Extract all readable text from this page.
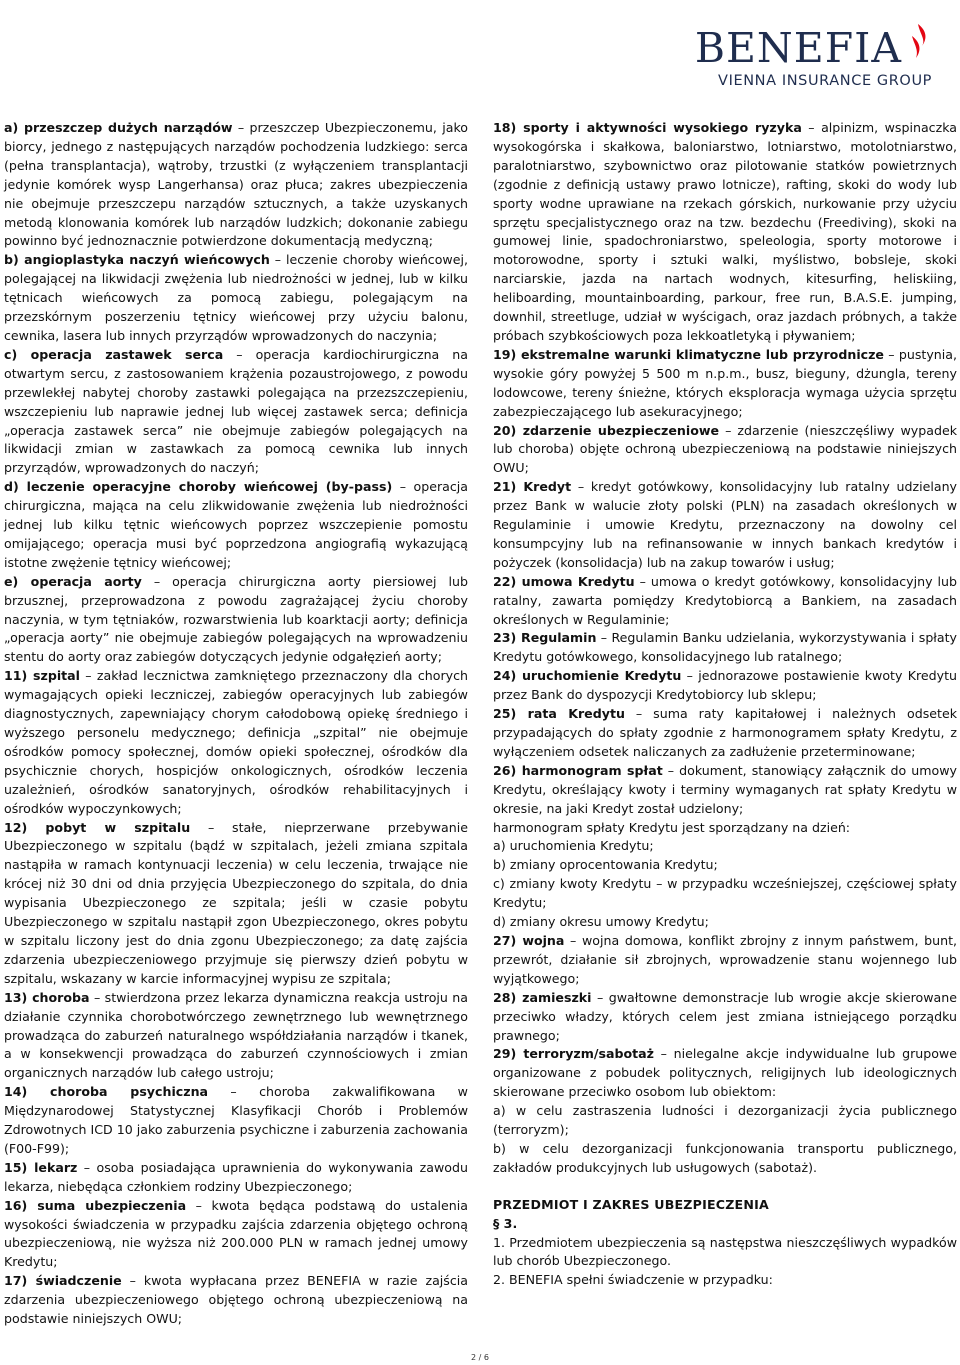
BENEFIA
VIENNA INSURANCE GROUP

a) przeszczep dużych narządów – przeszczep Ubezpieczonemu, jako biorcy, jednego z następujących narządów pochodzenia ludzkiego: serca (pełna transplantacja), wątroby, trzustki (z wyłączeniem transplantacji jedynie komórek wysp Langerhansa) oraz płuca; zakres ubezpieczenia nie obejmuje przeszczepu narządów sztucznych, a także uzyskanych metodą klonowania komórek lub narządów ludzkich; dokonanie zabiegu powinno być jednoznacznie potwierdzone dokumentacją medyczną;

b) angioplastyka naczyń wieńcowych – leczenie choroby wieńcowej, polegającej na likwidacji zwężenia lub niedrożności w jednej, lub w kilku tętnicach wieńcowych za pomocą zabiegu, polegającym na przezskórnym poszerzeniu tętnicy wieńcowej przy użyciu balonu, cewnika, lasera lub innych przyrządów wprowadzonych do naczynia;

c) operacja zastawek serca – operacja kardiochirurgiczna na otwartym sercu, z zastosowaniem krążenia pozaustrojowego, z powodu przewlekłej nabytej choroby zastawki polegająca na przezszczepieniu, wszczepieniu lub naprawie jednej lub więcej zastawek serca; definicja „operacja zastawek serca” nie obejmuje zabiegów polegających na likwidacji zmian w zastawkach za pomocą cewnika lub innych przyrządów, wprowadzonych do naczyń;

d) leczenie operacyjne choroby wieńcowej (by-pass) – operacja chirurgiczna, mająca na celu zlikwidowanie zwężenia lub niedrożności jednej lub kilku tętnic wieńcowych poprzez wszczepienie pomostu omijającego; operacja musi być poprzedzona angiografią wykazującą istotne zwężenie tętnicy wieńcowej;

e) operacja aorty – operacja chirurgiczna aorty piersiowej lub brzusznej, przeprowadzona z powodu zagrażającej życiu choroby naczynia, w tym tętniaków, rozwarstwienia lub koarktacji aorty; definicja „operacja aorty” nie obejmuje zabiegów polegających na wprowadzeniu stentu do aorty oraz zabiegów dotyczących jedynie odgałęzień aorty;

11) szpital – zakład lecznictwa zamkniętego przeznaczony dla chorych wymagających opieki leczniczej, zabiegów operacyjnych lub zabiegów diagnostycznych, zapewniający chorym całodobową opiekę średniego i wyższego personelu medycznego; definicja „szpital” nie obejmuje ośrodków pomocy społecznej, domów opieki społecznej, ośrodków dla psychicznie chorych, hospicjów onkologicznych, ośrodków leczenia uzależnień, ośrodków sanatoryjnych, ośrodków rehabilitacyjnych i ośrodków wypoczynkowych;

12) pobyt w szpitalu – stałe, nieprzerwane przebywanie Ubezpieczonego w szpitalu (bądź w szpitalach, jeżeli zmiana szpitala nastąpiła w ramach kontynuacji leczenia) w celu leczenia, trwające nie krócej niż 30 dni od dnia przyjęcia Ubezpieczonego do szpitala, do dnia wypisania Ubezpieczonego ze szpitala; jeśli w czasie pobytu Ubezpieczonego w szpitalu nastąpił zgon Ubezpieczonego, okres pobytu w szpitalu liczony jest do dnia zgonu Ubezpieczonego; za datę zajścia zdarzenia ubezpieczeniowego przyjmuje się pierwszy dzień pobytu w szpitalu, wskazany w karcie informacyjnej wypisu ze szpitala;

13) choroba – stwierdzona przez lekarza dynamiczna reakcja ustroju na działanie czynnika chorobotwórczego zewnętrznego lub wewnętrznego prowadząca do zaburzeń naturalnego współdziałania narządów i tkanek, a w konsekwencji prowadząca do zaburzeń czynnościowych i zmian organicznych narządów lub całego ustroju;

14) choroba psychiczna – choroba zakwalifikowana w Międzynarodowej Statystycznej Klasyfikacji Chorób i Problemów Zdrowotnych ICD 10 jako zaburzenia psychiczne i zaburzenia zachowania (F00-F99);

15) lekarz – osoba posiadająca uprawnienia do wykonywania zawodu lekarza, niebędąca członkiem rodziny Ubezpieczonego;

16) suma ubezpieczenia – kwota będąca podstawą do ustalenia wysokości świadczenia w przypadku zajścia zdarzenia objętego ochroną ubezpieczeniową, nie wyższa niż 200.000 PLN w ramach jednej umowy Kredytu;

17) świadczenie – kwota wypłacana przez BENEFIA w razie zajścia zdarzenia ubezpieczeniowego objętego ochroną ubezpieczeniową na podstawie niniejszych OWU;

18) sporty i aktywności wysokiego ryzyka – alpinizm, wspinaczka wysokogórska i skałkowa, baloniarstwo, lotniarstwo, motolotniarstwo, paralotniarstwo, szybownictwo oraz pilotowanie statków powietrznych (zgodnie z definicją ustawy prawo lotnicze), rafting, skoki do wody lub sporty wodne uprawiane na rzekach górskich, nurkowanie przy użyciu sprzętu specjalistycznego oraz na tzw. bezdechu (Freediving), skoki na gumowej linie, spadochroniarstwo, speleologia, sporty motorowe i motorowodne, sporty i sztuki walki, myślistwo, bobsleje, skoki narciarskie, jazda na nartach wodnych, kitesurfing, heliskiing, heliboarding, mountainboarding, parkour, free run, B.A.S.E. jumping, downhil, streetluge, udział w wyścigach, oraz jazdach próbnych, a także próbach szybkościowych poza lekkoatletyką i pływaniem;

19) ekstremalne warunki klimatyczne lub przyrodnicze – pustynia, wysokie góry powyżej 5 500 m n.p.m., busz, bieguny, dżungla, tereny lodowcowe, tereny śnieżne, których eksploracja wymaga użycia sprzętu zabezpieczającego lub asekuracyjnego;

20) zdarzenie ubezpieczeniowe – zdarzenie (nieszczęśliwy wypadek lub choroba) objęte ochroną ubezpieczeniową na podstawie niniejszych OWU;

21) Kredyt – kredyt gotówkowy, konsolidacyjny lub ratalny udzielany przez Bank w walucie złoty polski (PLN) na zasadach określonych w Regulaminie i umowie Kredytu, przeznaczony na dowolny cel konsumpcyjny lub na refinansowanie w innych bankach kredytów i pożyczek (konsolidacja) lub na zakup towarów i usług;

22) umowa Kredytu – umowa o kredyt gotówkowy, konsolidacyjny lub ratalny, zawarta pomiędzy Kredytobiorcą a Bankiem, na zasadach określonych w Regulaminie;

23) Regulamin – Regulamin Banku udzielania, wykorzystywania i spłaty Kredytu gotówkowego, konsolidacyjnego lub ratalnego;

24) uruchomienie Kredytu – jednorazowe postawienie kwoty Kredytu przez Bank do dyspozycji Kredytobiorcy lub sklepu;

25) rata Kredytu – suma raty kapitałowej i należnych odsetek przypadających do spłaty zgodnie z harmonogramem spłaty Kredytu, z wyłączeniem odsetek naliczanych za zadłużenie przeterminowane;

26) harmonogram spłat – dokument, stanowiący załącznik do umowy Kredytu, określający kwoty i terminy wymaganych rat spłaty Kredytu w okresie, na jaki Kredyt został udzielony;

harmonogram spłaty Kredytu jest sporządzany na dzień:

a) uruchomienia Kredytu;

b) zmiany oprocentowania Kredytu;

c) zmiany kwoty Kredytu – w przypadku wcześniejszej, częściowej spłaty Kredytu;

d) zmiany okresu umowy Kredytu;

27) wojna – wojna domowa, konflikt zbrojny z innym państwem, bunt, przewrót, działanie sił zbrojnych, wprowadzenie stanu wojennego lub wyjątkowego;

28) zamieszki – gwałtowne demonstracje lub wrogie akcje skierowane przeciwko władzy, których celem jest zmiana istniejącego porządku prawnego;

29) terroryzm/sabotaż – nielegalne akcje indywidualne lub grupowe organizowane z pobudek politycznych, religijnych lub ideologicznych skierowane przeciwko osobom lub obiektom:

a) w celu zastraszenia ludności i dezorganizacji życia publicznego (terroryzm);

b) w celu dezorganizacji funkcjonowania transportu publicznego, zakładów produkcyjnych lub usługowych (sabotaż).

PRZEDMIOT I ZAKRES UBEZPIECZENIA

§ 3.

1. Przedmiotem ubezpieczenia są następstwa nieszczęśliwych wypadków lub chorób Ubezpieczonego.

2. BENEFIA spełni świadczenie w przypadku:

2 / 6
